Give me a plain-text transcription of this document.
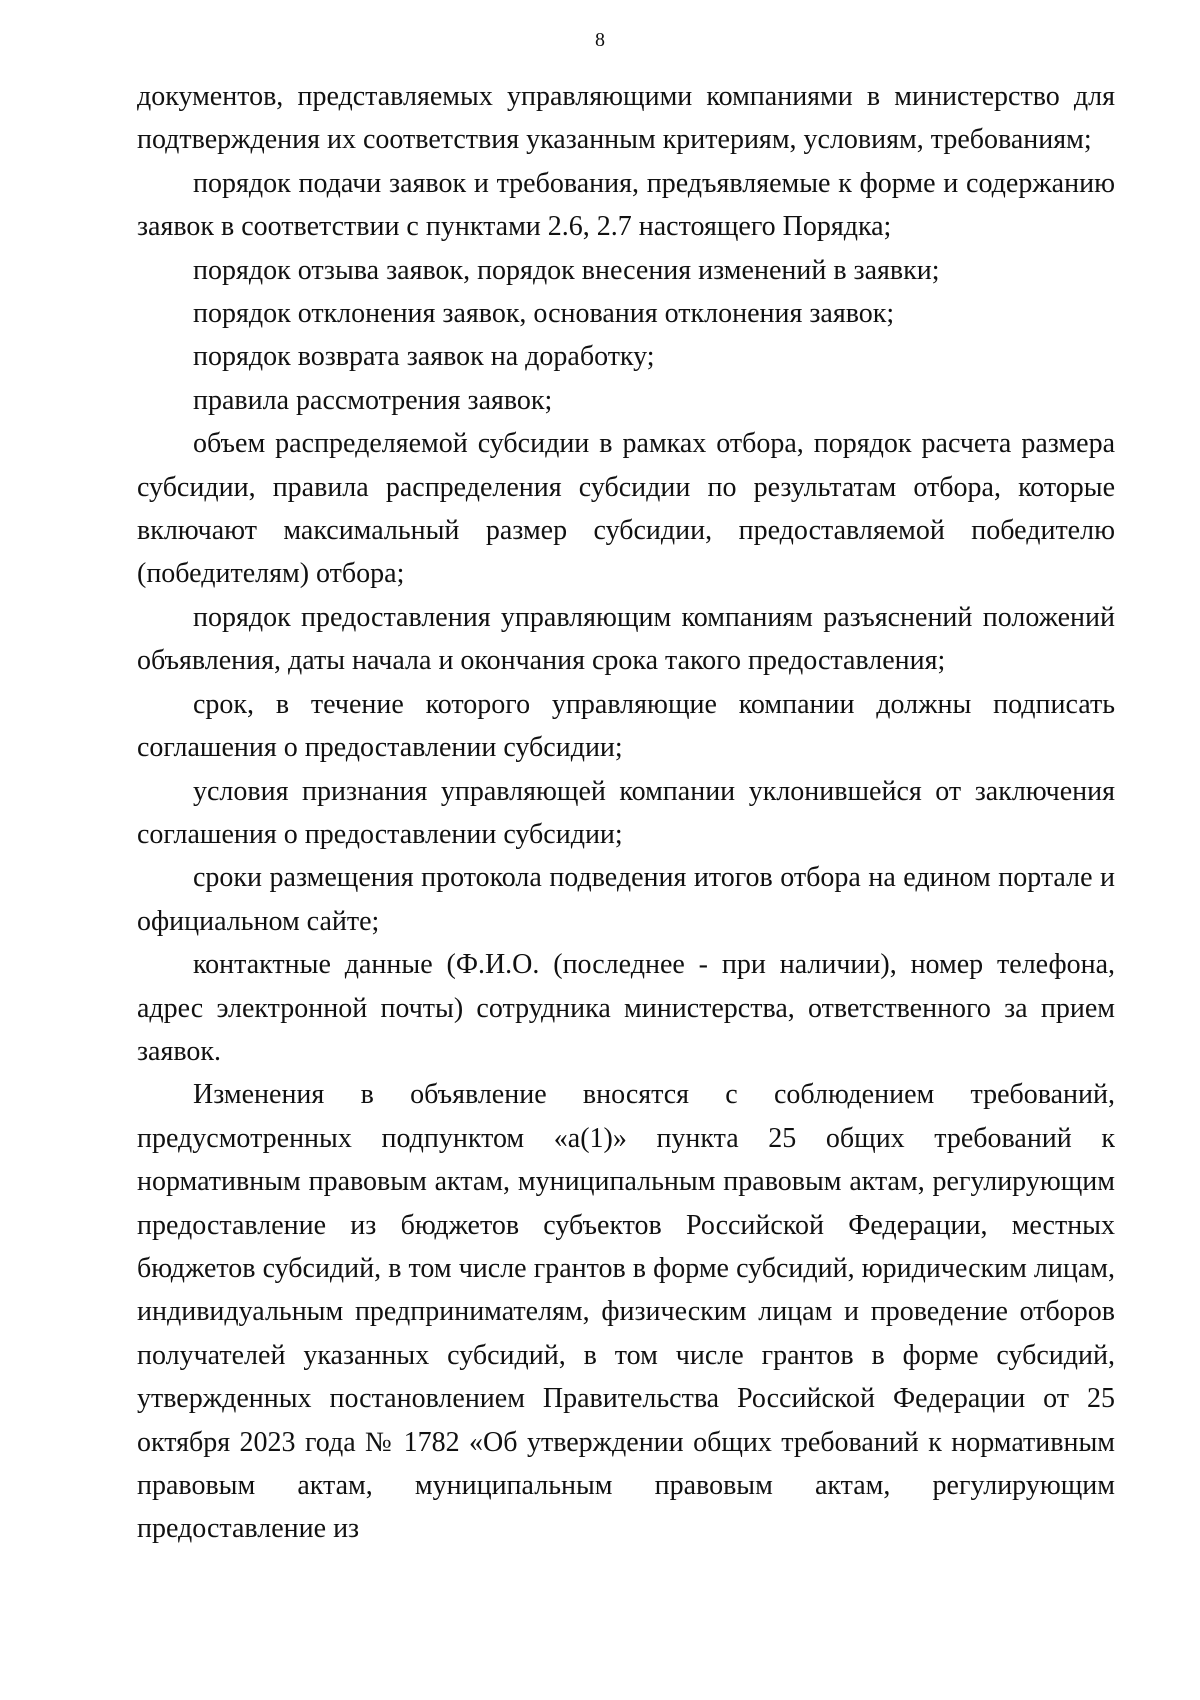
8

документов, представляемых управляющими компаниями в министерство для подтверждения их соответствия указанным критериям, условиям, требованиям;

порядок подачи заявок и требования, предъявляемые к форме и содержанию заявок в соответствии с пунктами 2.6, 2.7 настоящего Порядка;

порядок отзыва заявок, порядок внесения изменений в заявки;

порядок отклонения заявок, основания отклонения заявок;

порядок возврата заявок на доработку;

правила рассмотрения заявок;

объем распределяемой субсидии в рамках отбора, порядок расчета размера субсидии, правила распределения субсидии по результатам отбора, которые включают максимальный размер субсидии, предоставляемой победителю (победителям) отбора;

порядок предоставления управляющим компаниям разъяснений положений объявления, даты начала и окончания срока такого предоставления;

срок, в течение которого управляющие компании должны подписать соглашения о предоставлении субсидии;

условия признания управляющей компании уклонившейся от заключения соглашения о предоставлении субсидии;

сроки размещения протокола подведения итогов отбора на едином портале и официальном сайте;

контактные данные (Ф.И.О. (последнее - при наличии), номер телефона, адрес электронной почты) сотрудника министерства, ответственного за прием заявок.

Изменения в объявление вносятся с соблюдением требований, предусмотренных подпунктом «а(1)» пункта 25 общих требований к нормативным правовым актам, муниципальным правовым актам, регулирующим предоставление из бюджетов субъектов Российской Федерации, местных бюджетов субсидий, в том числе грантов в форме субсидий, юридическим лицам, индивидуальным предпринимателям, физическим лицам и проведение отборов получателей указанных субсидий, в том числе грантов в форме субсидий, утвержденных постановлением Правительства Российской Федерации от 25 октября 2023 года № 1782 «Об утверждении общих требований к нормативным правовым актам, муниципальным правовым актам, регулирующим предоставление из
